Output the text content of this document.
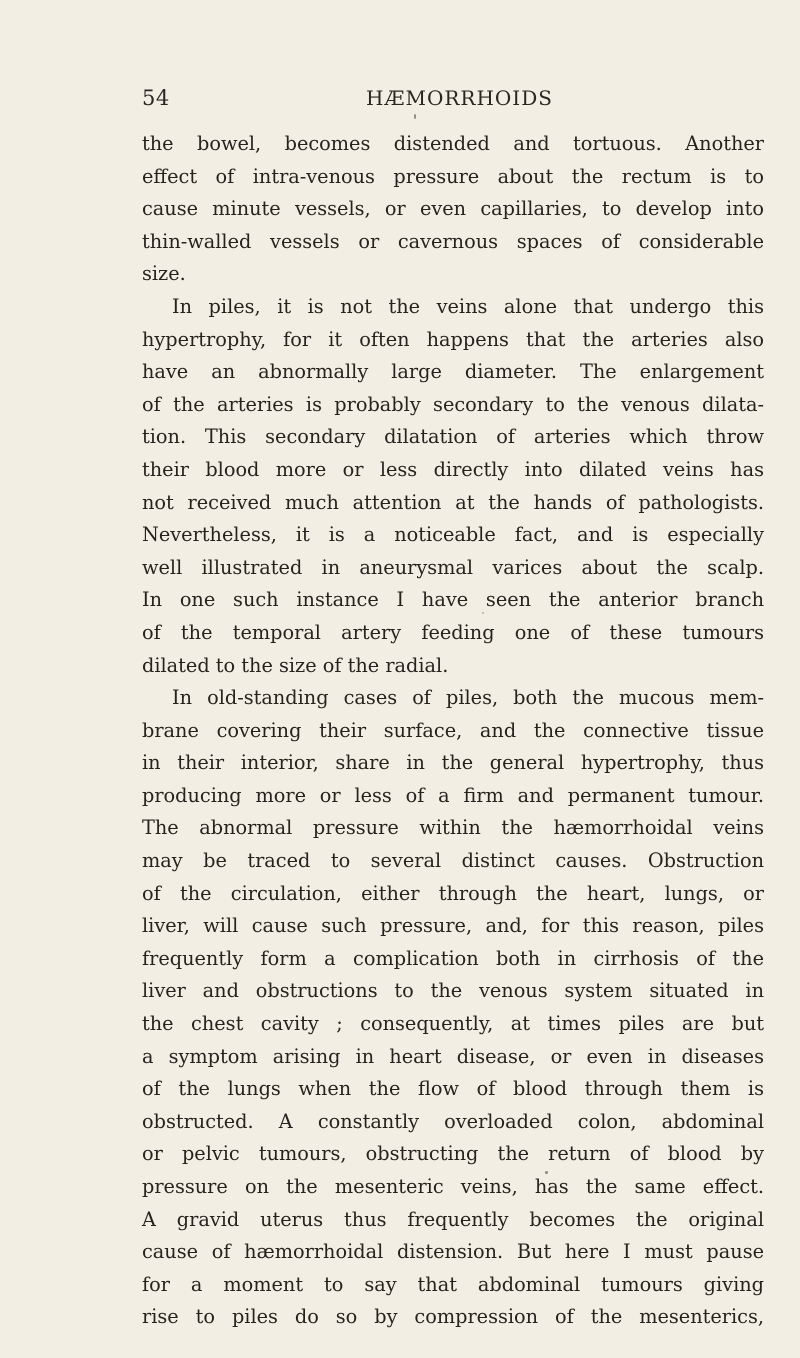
54	HÆMORRHOIDS
the bowel, becomes distended and tortuous. Another
effect of intra-venous pressure about the rectum is to
cause minute vessels, or even capillaries, to develop into
thin-walled vessels or cavernous spaces of considerable
size.
In piles, it is not the veins alone that undergo this
hypertrophy, for it often happens that the arteries also
have an abnormally large diameter. The enlargement
of the arteries is probably secondary to the venous dilata-
tion. This secondary dilatation of arteries which throw
their blood more or less directly into dilated veins has
not received much attention at the hands of pathologists.
Nevertheless, it is a noticeable fact, and is especially
well illustrated in aneurysmal varices about the scalp.
In one such instance I have seen the anterior branch
of the temporal artery feeding one of these tumours
dilated to the size of the radial.
In old-standing cases of piles, both the mucous mem-
brane covering their surface, and the connective tissue
in their interior, share in the general hypertrophy, thus
producing more or less of a firm and permanent tumour.
The abnormal pressure within the hæmorrhoidal veins
may be traced to several distinct causes. Obstruction
of the circulation, either through the heart, lungs, or
liver, will cause such pressure, and, for this reason, piles
frequently form a complication both in cirrhosis of the
liver and obstructions to the venous system situated in
the chest cavity ; consequently, at times piles are but
a symptom arising in heart disease, or even in diseases
of the lungs when the flow of blood through them is
obstructed. A constantly overloaded colon, abdominal
or pelvic tumours, obstructing the return of blood by
pressure on the mesenteric veins, has the same effect.
A gravid uterus thus frequently becomes the original
cause of hæmorrhoidal distension. But here I must pause
for a moment to say that abdominal tumours giving
rise to piles do so by compression of the mesenterics,
